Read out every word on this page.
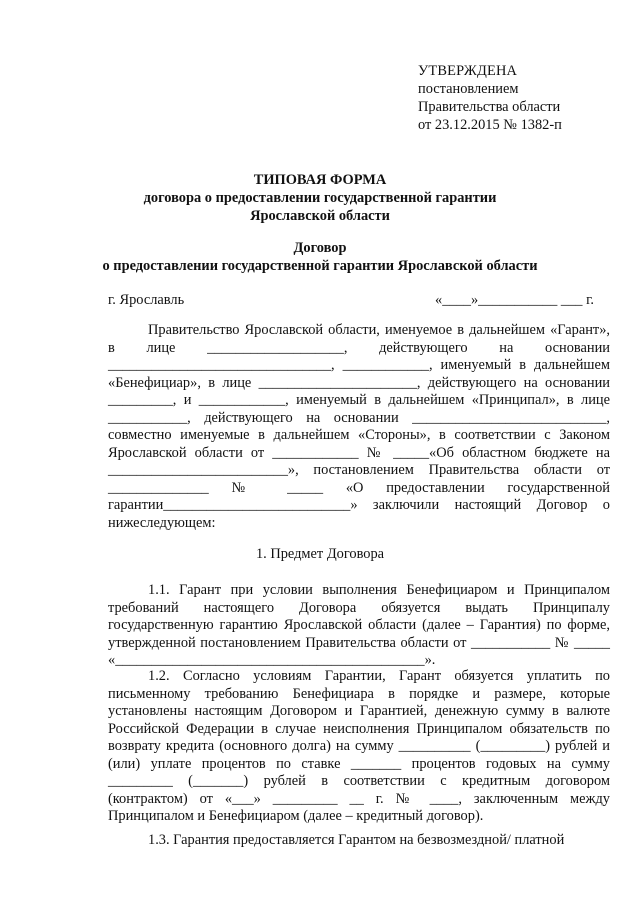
УТВЕРЖДЕНА
постановлением
Правительства области
от 23.12.2015 № 1382-п
ТИПОВАЯ ФОРМА
договора о предоставлении государственной гарантии
Ярославской области
Договор
о предоставлении государственной гарантии Ярославской области
г. Ярославль	«____»___________ ___ г.

Правительство Ярославской области, именуемое в дальнейшем «Гарант», в лице ___________________, действующего на основании _______________________________, ____________, именуемый в дальнейшем «Бенефициар», в лице ______________________, действующего на основании _________, и ____________, именуемый в дальнейшем «Принципал», в лице ___________, действующего на основании ___________________________, совместно именуемые в дальнейшем «Стороны», в соответствии с Законом Ярославской области от ____________ № _____«Об областном бюджете на _________________________», постановлением Правительства области от ______________ № _____ «О предоставлении государственной гарантии__________________________» заключили настоящий Договор о нижеследующем:

1. Предмет Договора

1.1. Гарант при условии выполнения Бенефициаром и Принципалом требований настоящего Договора обязуется выдать Принципалу государственную гарантию Ярославской области (далее – Гарантия) по форме, утвержденной постановлением Правительства области от ___________ № _____ «___________________________________________».

1.2. Согласно условиям Гарантии, Гарант обязуется уплатить по письменному требованию Бенефициара в порядке и размере, которые установлены настоящим Договором и Гарантией, денежную сумму в валюте Российской Федерации в случае неисполнения Принципалом обязательств по возврату кредита (основного долга) на сумму __________ (_________) рублей и (или) уплате процентов по ставке _______ процентов годовых на сумму _________ (_______) рублей в соответствии с кредитным договором (контрактом) от «___» _________ __ г. № ____, заключенным между Принципалом и Бенефициаром (далее – кредитный договор).

1.3. Гарантия предоставляется Гарантом на безвозмездной/ платной
